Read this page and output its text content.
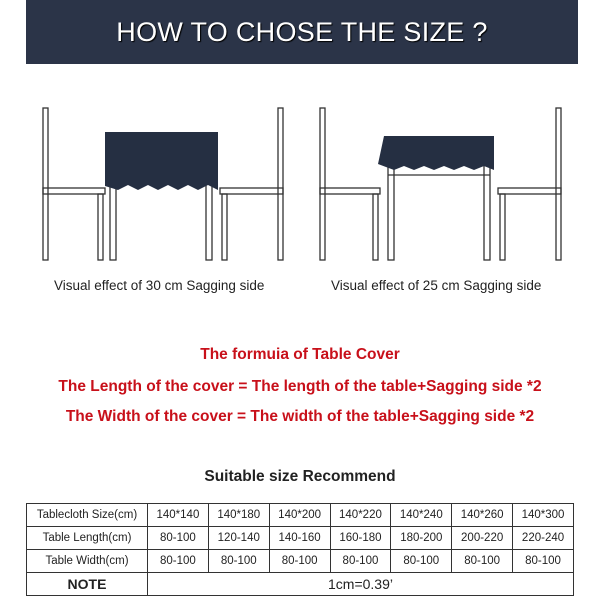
HOW TO CHOSE THE SIZE ?
Visual effect of 30 cm Sagging side	Visual effect of 25 cm Sagging side
The formuia of Table Cover
The Length of the cover = The length of the table+Sagging side *2
The Width of the cover = The width of the table+Sagging side *2
Suitable size Recommend
Tablecloth Size(cm)	140*140	140*180	140*200	140*220	140*240	140*260	140*300
Table Length(cm)	80-100	120-140	140-160	160-180	180-200	200-220	220-240
Table Width(cm)	80-100	80-100	80-100	80-100	80-100	80-100	80-100
NOTE	1cm=0.39’						
